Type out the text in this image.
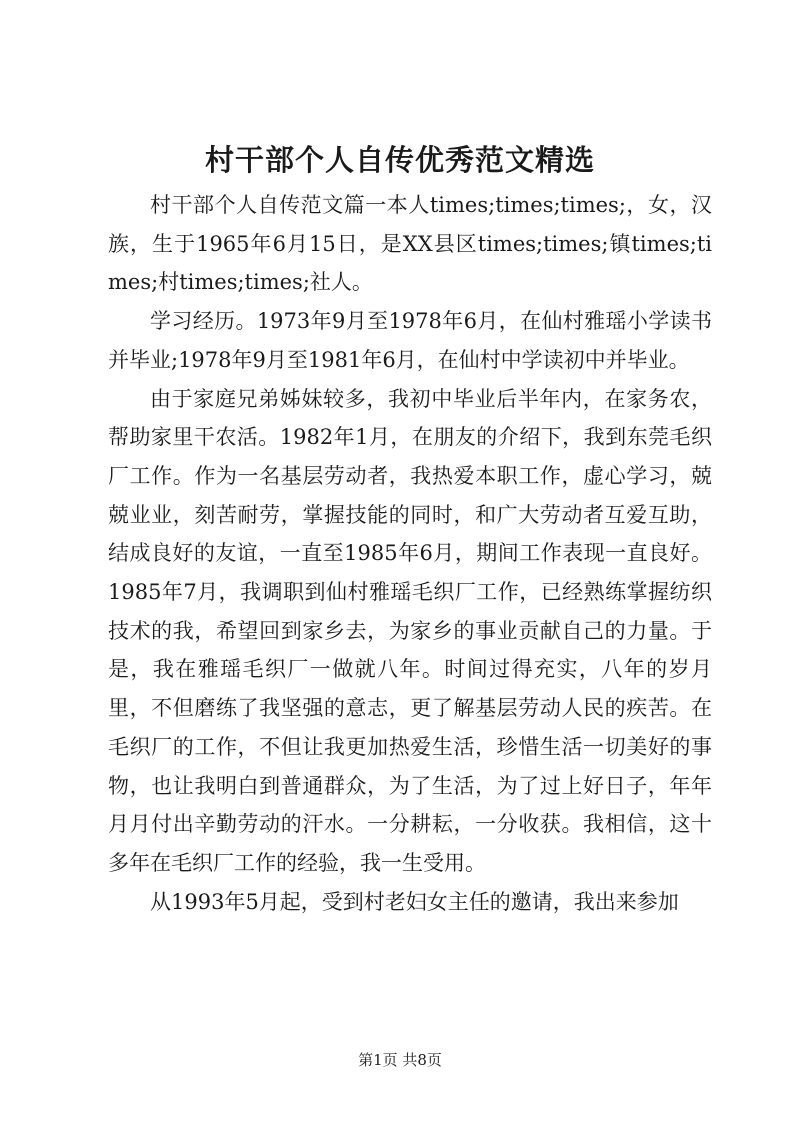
村干部个人自传优秀范文精选

村干部个人自传范文篇一本人times;times;times;，女，汉族，生于1965年6月15日，是XX县区times;times;镇times;times;村times;times;社人。

学习经历。1973年9月至1978年6月，在仙村雅瑶小学读书并毕业;1978年9月至1981年6月，在仙村中学读初中并毕业。

由于家庭兄弟姊妹较多，我初中毕业后半年内，在家务农，帮助家里干农活。1982年1月，在朋友的介绍下，我到东莞毛织厂工作。作为一名基层劳动者，我热爱本职工作，虚心学习，兢兢业业，刻苦耐劳，掌握技能的同时，和广大劳动者互爱互助，结成良好的友谊，一直至1985年6月，期间工作表现一直良好。1985年7月，我调职到仙村雅瑶毛织厂工作，已经熟练掌握纺织技术的我，希望回到家乡去，为家乡的事业贡献自己的力量。于是，我在雅瑶毛织厂一做就八年。时间过得充实，八年的岁月里，不但磨练了我坚强的意志，更了解基层劳动人民的疾苦。在毛织厂的工作，不但让我更加热爱生活，珍惜生活一切美好的事物，也让我明白到普通群众，为了生活，为了过上好日子，年年月月付出辛勤劳动的汗水。一分耕耘，一分收获。我相信，这十多年在毛织厂工作的经验，我一生受用。

从1993年5月起，受到村老妇女主任的邀请，我出来参加

第1页 共8页
